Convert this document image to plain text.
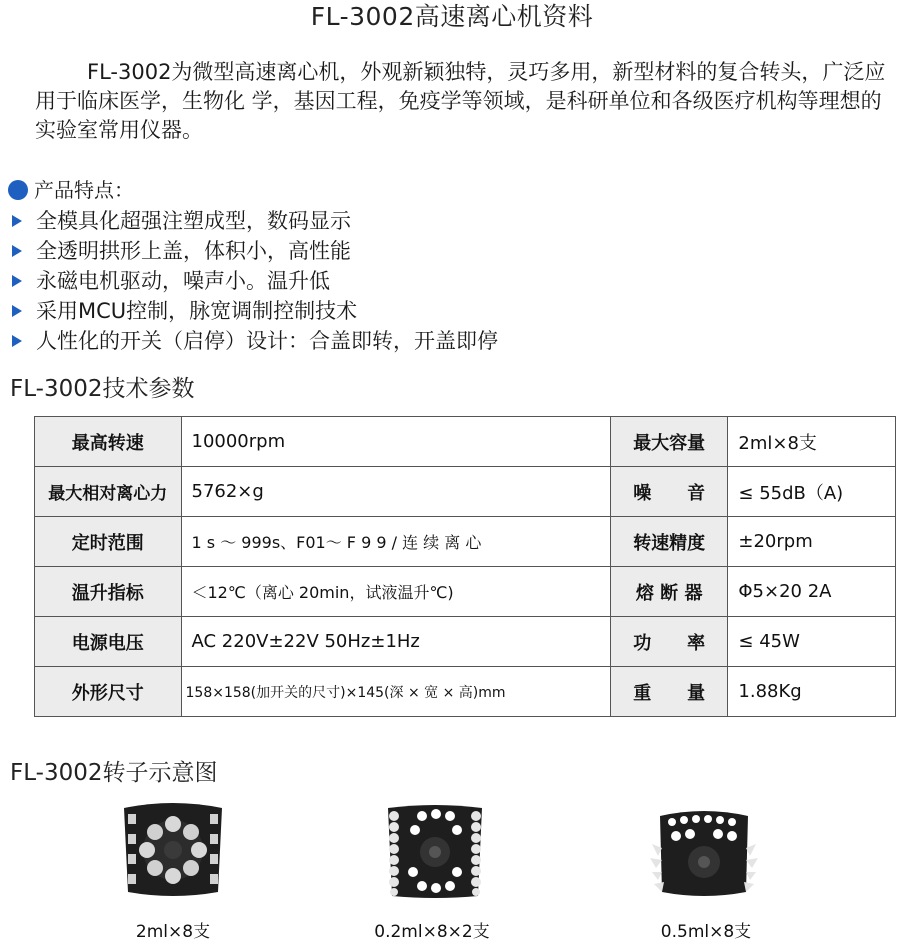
FL-3002高速离心机资料

FL-3002为微型高速离心机，外观新颖独特，灵巧多用，新型材料的复合转头，广泛应用于临床医学，生物化 学，基因工程，免疫学等领域，是科研单位和各级医疗机构等理想的实验室常用仪器。

产品特点：
全模具化超强注塑成型，数码显示
全透明拱形上盖，体积小，高性能
永磁电机驱动，噪声小。温升低
采用MCU控制，脉宽调制控制技术
人性化的开关（启停）设计：合盖即转，开盖即停
FL-3002技术参数
最高转速	10000rpm	最大容量	2ml×8支
最大相对离心力	5762×g	噪　　音	≤ 55dB（A)
定时范围	1 s ～ 999s、F01～ F 9 9 / 连 续 离 心	转速精度	±20rpm
温升指标	＜12℃（离心 20min，试液温升℃)	熔 断 器	Φ5×20 2A
电源电压	AC 220V±22V 50Hz±1Hz	功　　率	≤ 45W
外形尺寸	158×158(加开关的尺寸)×145(深 × 宽 × 高)mm	重　　量	1.88Kg
FL-3002转子示意图
2ml×8支	0.2ml×8×2支	0.5ml×8支
